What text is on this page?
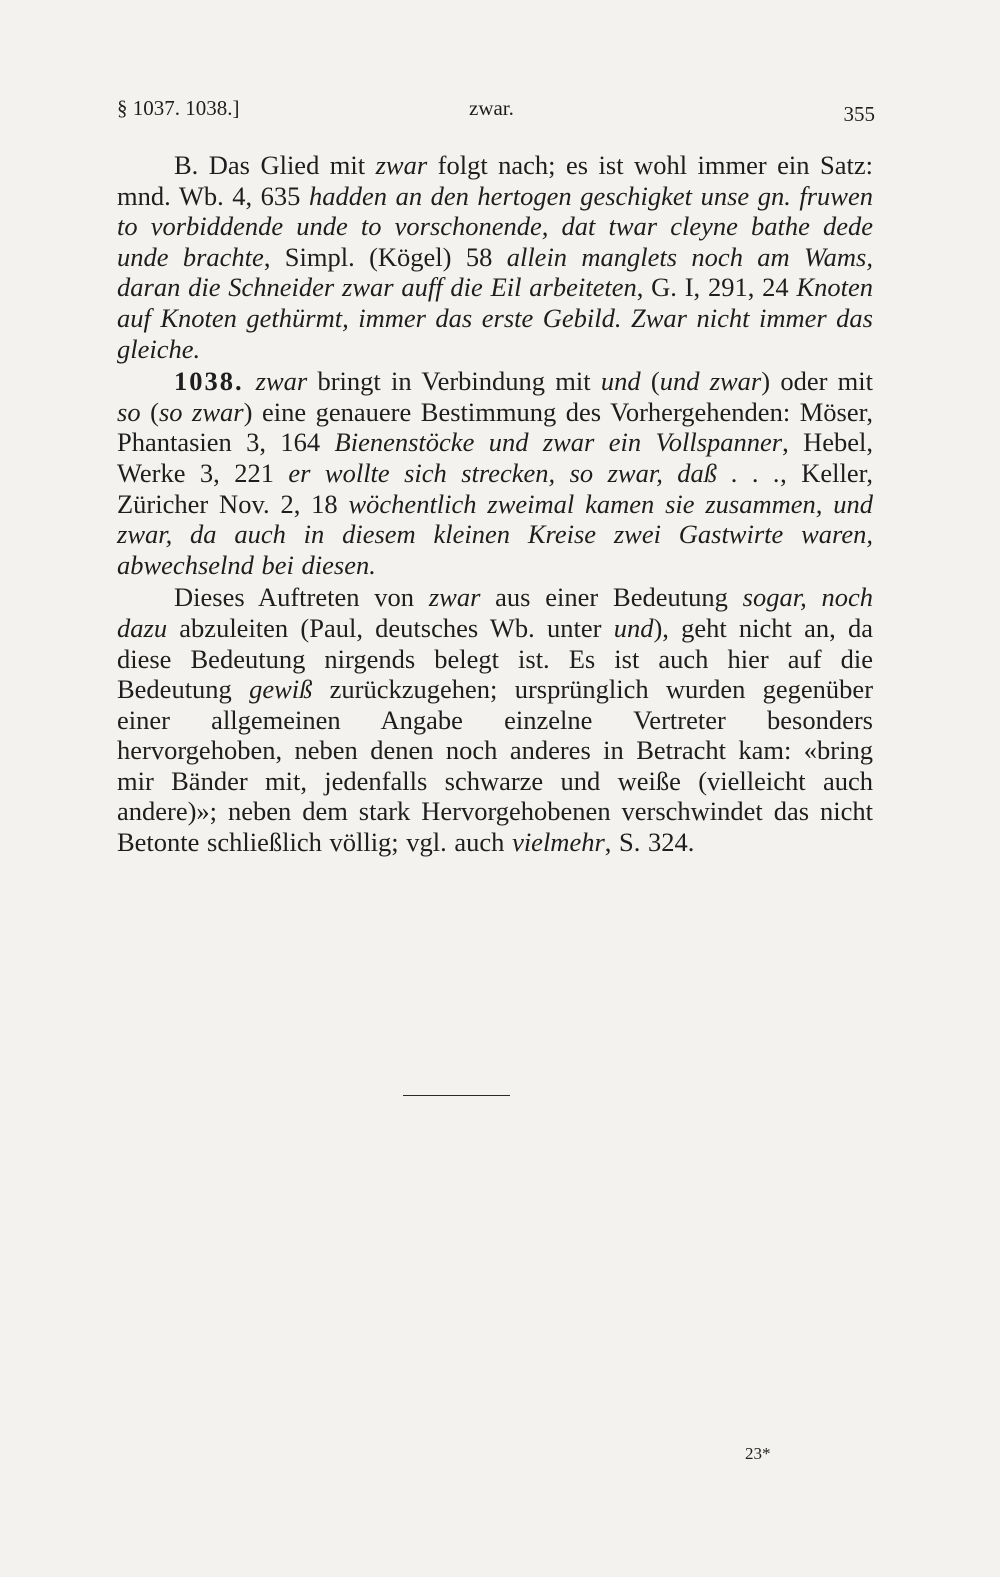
§ 1037. 1038.]	zwar.	355

B. Das Glied mit zwar folgt nach; es ist wohl immer ein Satz: mnd. Wb. 4, 635 hadden an den hertogen geschigket unse gn. fruwen to vorbiddende unde to vorschonende, dat twar cleyne bathe dede unde brachte, Simpl. (Kögel) 58 allein manglets noch am Wams, daran die Schneider zwar auff die Eil arbeiteten, G. I, 291, 24 Knoten auf Knoten gethürmt, immer das erste Gebild. Zwar nicht immer das gleiche.

1038. zwar bringt in Verbindung mit und (und zwar) oder mit so (so zwar) eine genauere Bestimmung des Vorhergehenden: Möser, Phantasien 3, 164 Bienenstöcke und zwar ein Vollspanner, Hebel, Werke 3, 221 er wollte sich strecken, so zwar, daß . . ., Keller, Züricher Nov. 2, 18 wöchentlich zweimal kamen sie zusammen, und zwar, da auch in diesem kleinen Kreise zwei Gastwirte waren, abwechselnd bei diesen.

Dieses Auftreten von zwar aus einer Bedeutung sogar, noch dazu abzuleiten (Paul, deutsches Wb. unter und), geht nicht an, da diese Bedeutung nirgends belegt ist. Es ist auch hier auf die Bedeutung gewiß zurückzugehen; ursprünglich wurden gegenüber einer allgemeinen Angabe einzelne Vertreter besonders hervorgehoben, neben denen noch anderes in Betracht kam: «bring mir Bänder mit, jedenfalls schwarze und weiße (vielleicht auch andere)»; neben dem stark Hervorgehobenen verschwindet das nicht Betonte schließlich völlig; vgl. auch vielmehr, S. 324.

23*
